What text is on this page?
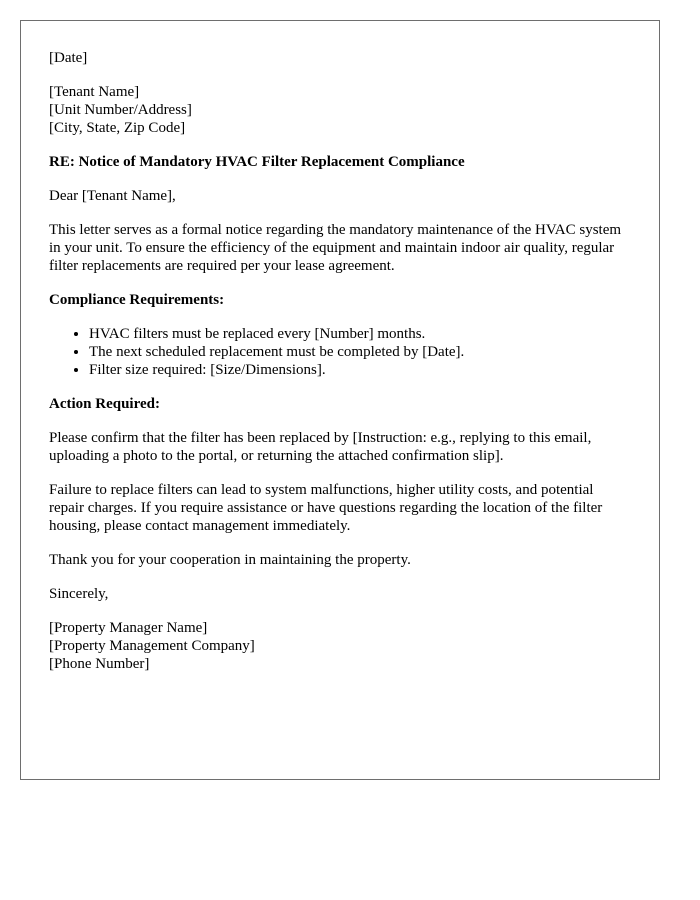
[Date]
[Tenant Name]
[Unit Number/Address]
[City, State, Zip Code]
RE: Notice of Mandatory HVAC Filter Replacement Compliance
Dear [Tenant Name],

This letter serves as a formal notice regarding the mandatory maintenance of the HVAC system in your unit. To ensure the efficiency of the equipment and maintain indoor air quality, regular filter replacements are required per your lease agreement.

Compliance Requirements:
• HVAC filters must be replaced every [Number] months.
• The next scheduled replacement must be completed by [Date].
• Filter size required: [Size/Dimensions].
Action Required:

Please confirm that the filter has been replaced by [Instruction: e.g., replying to this email, uploading a photo to the portal, or returning the attached confirmation slip].

Failure to replace filters can lead to system malfunctions, higher utility costs, and potential repair charges. If you require assistance or have questions regarding the location of the filter housing, please contact management immediately.

Thank you for your cooperation in maintaining the property.

Sincerely,
[Property Manager Name]
[Property Management Company]
[Phone Number]
